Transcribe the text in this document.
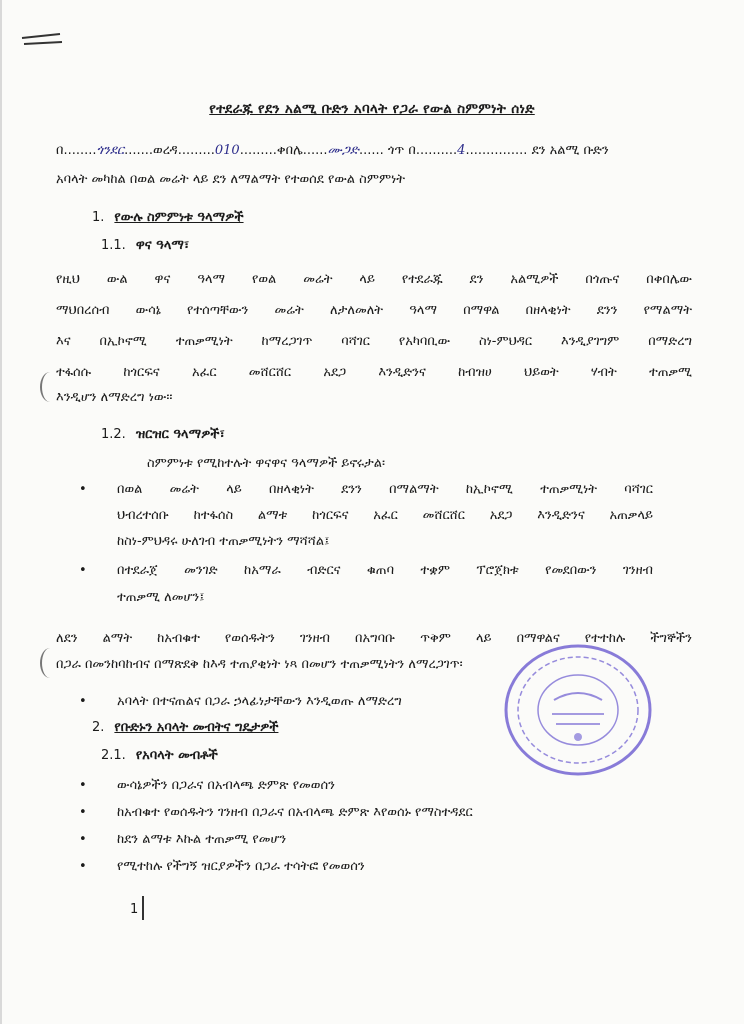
የተደራጁ የደን አልሚ ቡድን አባላት የጋራ የውል ስምምነት ሰነድ
በ........ጎንደር.......ወረዳ.........010.........ቀበሌ......ሙጋድ...... ጎጥ በ..........4............... ደን አልሚ ቡድን
አባላት መካከል በወል መሬት ላይ ደን ለማልማት የተወሰደ የውል ስምምነት
1. የውሉ ስምምነቱ ዓላማዎች
1.1. ዋና ዓላማ፣
የዚህ ውል ዋና ዓላማ የወል መሬት ላይ የተደራጁ ደን አልሚዎች በጎጡና በቀበሌው
ማህበረሰብ ውሳኔ የተሰጣቸውን መሬት ለታለመለት ዓላማ በማዋል በዘላቂነት ደንን የማልማት
እና በኢኮኖሚ ተጠቃሚነት ከማረጋገጥ ባሻገር የአካባቢው ስነ-ምህዳር እንዲያገግም በማድረግ
ተፋሰሱ ከጎርፍና አፈር መሸርሸር አደጋ እንዲድንና ከብዝሀ ህይወት ሃብት ተጠቃሚ
እንዲሆን ለማድረግ ነው፡፡
1.2. ዝርዝር ዓላማዎች፣
ስምምነቱ የሚከተሉት ዋናዋና ዓላማዎች ይኖሩታል፡
• በወል መሬት ላይ በዘላቂነት ደንን በማልማት ከኢኮኖሚ ተጠቃሚነት ባሻገር
ህብረተሰቡ ከተፋሰስ ልማቱ ከጎርፍና አፈር መሸርሸር አደጋ እንዲድንና አጠቃላይ
ከስነ-ምህዳሩ ሁለገብ ተጠቃሚነትን ማሻሻል፤
• በተደራጀ መንገድ ከአማራ ብድርና ቁጠባ ተቋም ፕሮጀክቱ የመደበውን ገንዘብ
ተጠቃሚ ለመሆን፤
ለደን ልማት ከአብቁተ የወሰዱትን ገንዘብ በአግባቡ ጥቅም ላይ በማዋልና የተተከሉ ችግኞችን
በጋራ በመንከባከብና በማጽደቅ ከእዳ ተጠያቂነት ነጻ በመሆን ተጠቃሚነትን ለማረጋገጥ፡
• አባላት በተናጠልና በጋራ ኃላፊነታቸውን እንዲወጡ ለማድረግ
2. የቡድኑን አባላት መብትና ግዴታዎች
2.1. የአባላት መብቶች
• ውሳኔዎችን በጋራና በአብላጫ ድምጽ የመወሰን
• ከአብቁተ የወሰዱትን ገንዘብ በጋራና በአብላጫ ድምጽ እየወሰኑ የማስተዳደር
• ከደን ልማቱ እኩል ተጠቃሚ የመሆን
• የሚተከሉ የችግኝ ዝርያዎችን በጋራ ተሳትፎ የመወሰን
1
